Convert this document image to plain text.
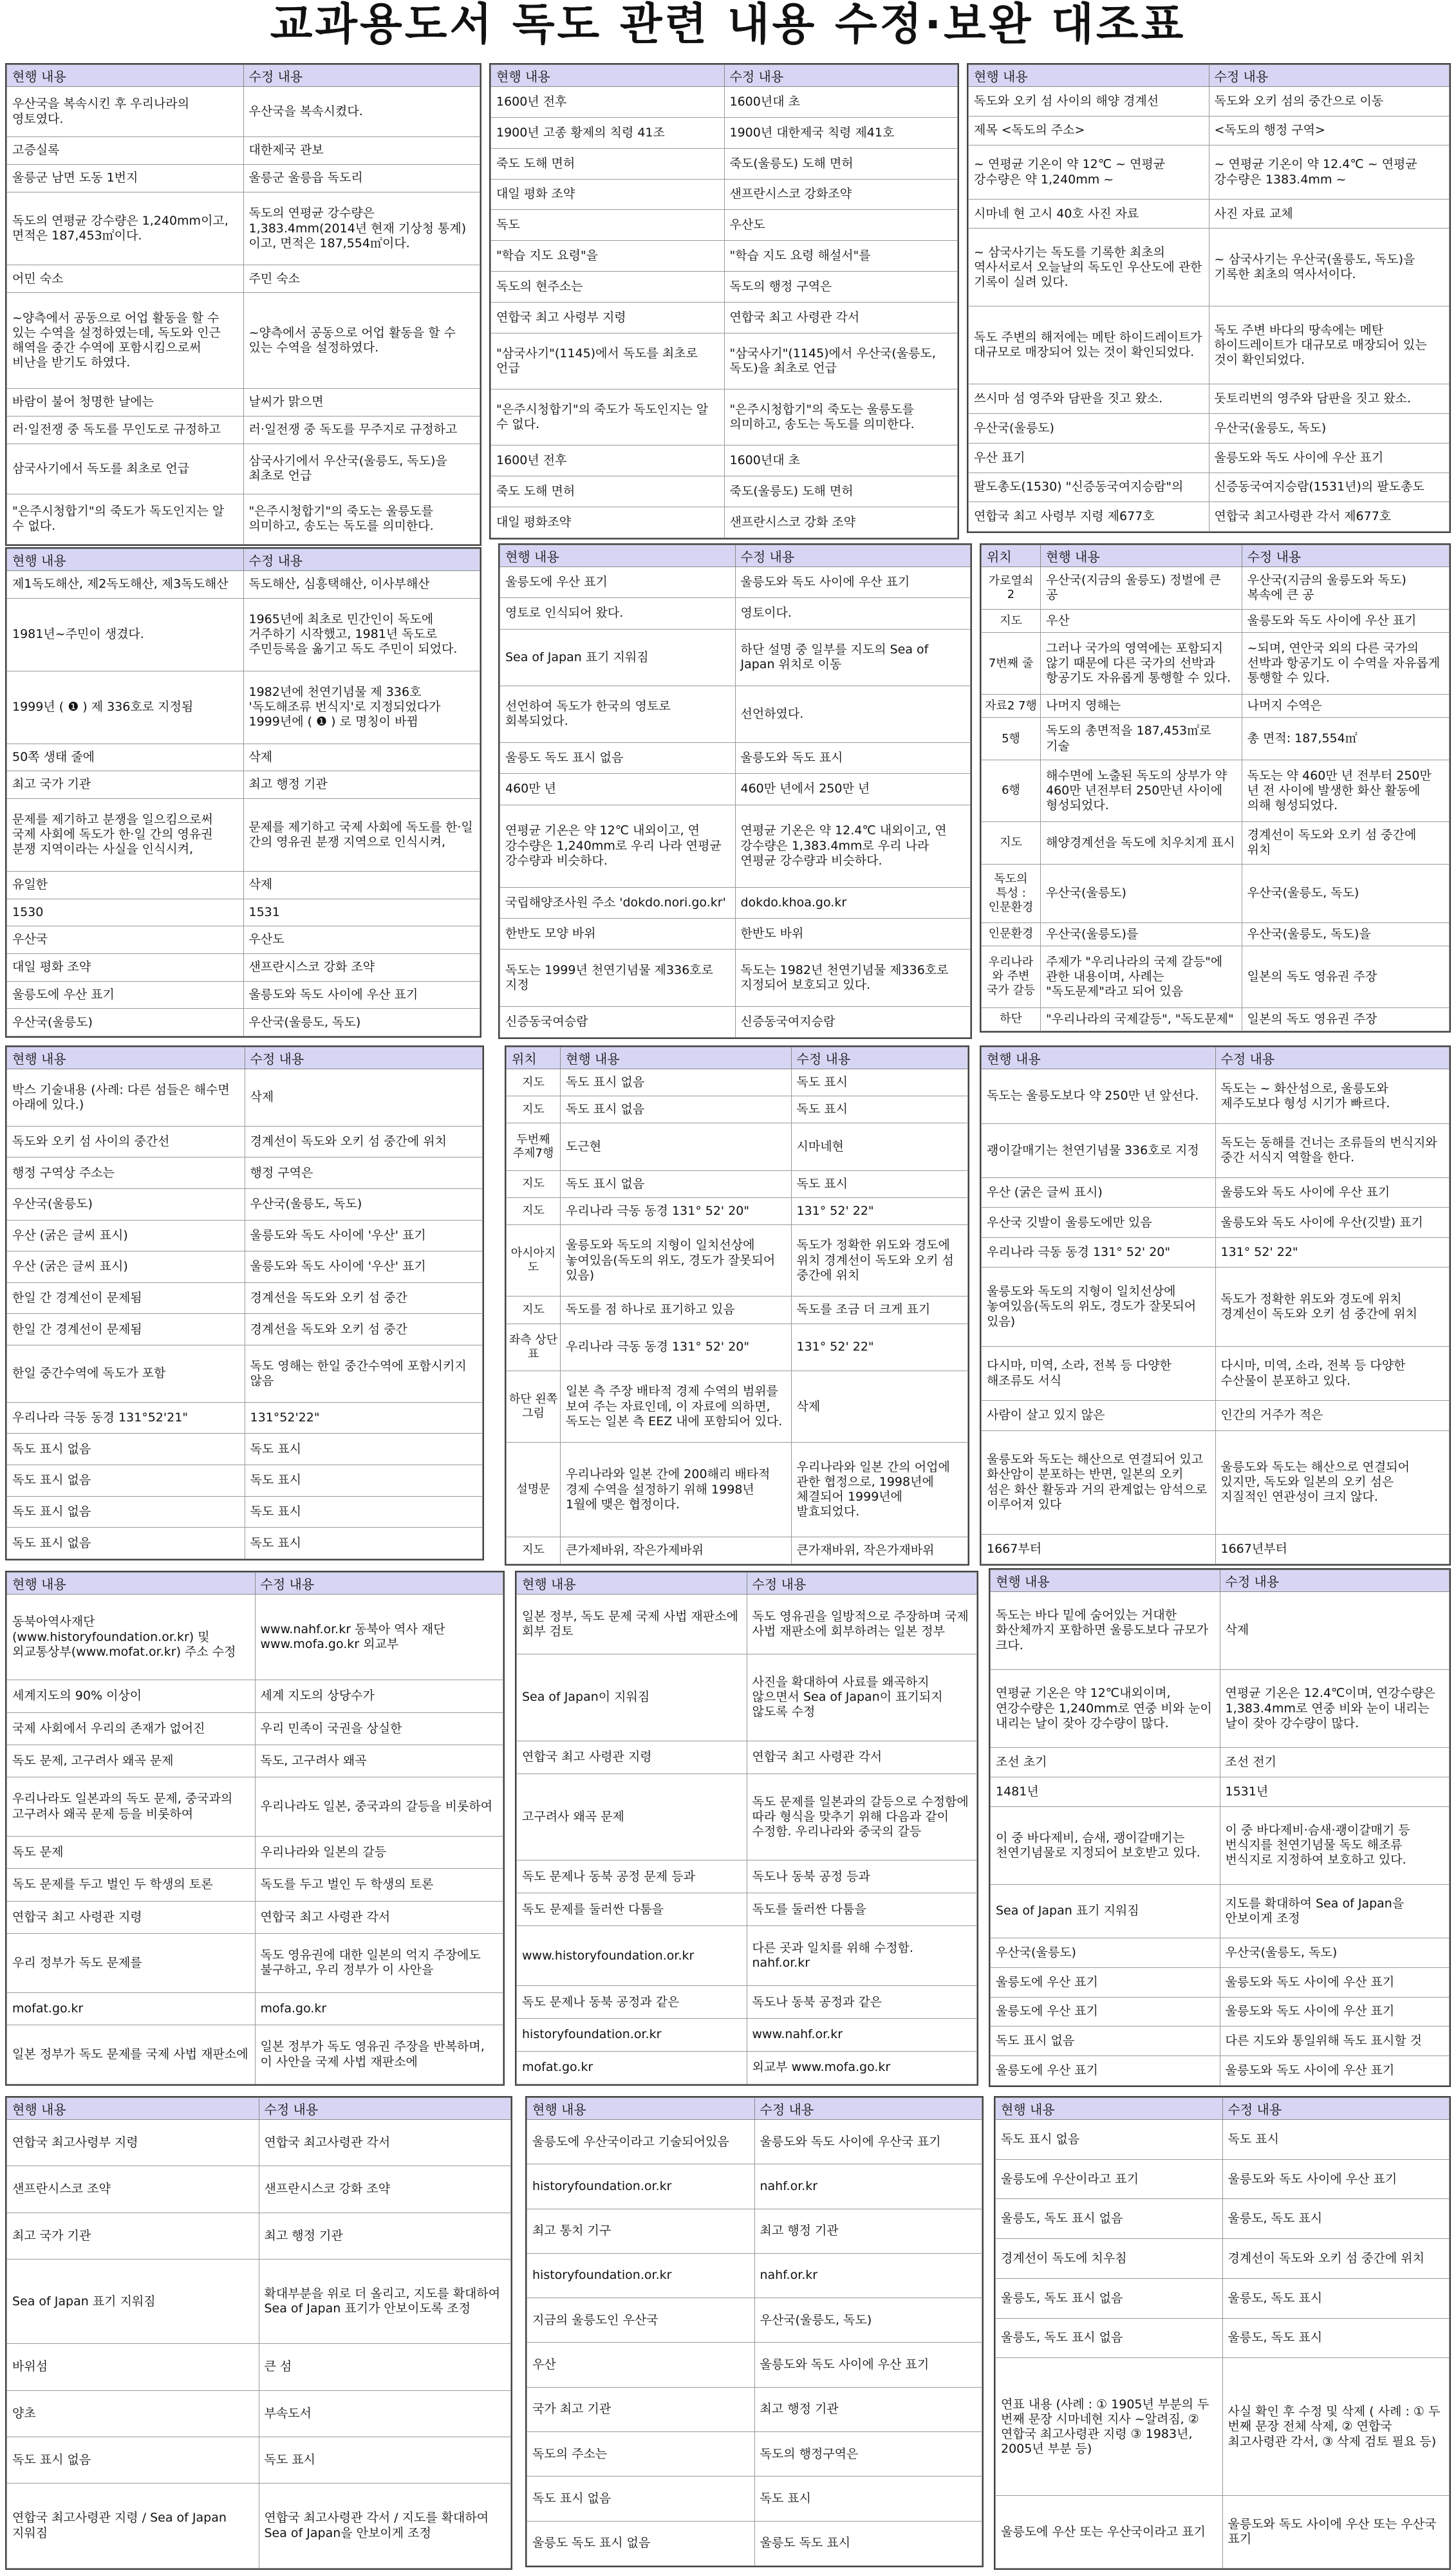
교과용도서 독도 관련 내용 수정·보완 대조표
현행 내용	수정 내용
우산국을 복속시킨 후 우리나라의 영토였다.	우산국을 복속시켰다.
고증실록	대한제국 관보
울릉군 남면 도동 1번지	울릉군 울릉읍 독도리
독도의 연평균 강수량은 1,240mm이고, 면적은 187,453㎡이다.	독도의 연평균 강수량은 1,383.4mm(2014년 현재 기상청 통계)이고, 면적은 187,554㎡이다.
어민 숙소	주민 숙소
~양측에서 공동으로 어업 활동을 할 수 있는 수역을 설정하였는데, 독도와 인근 해역을 중간 수역에 포함시킴으로써 비난을 받기도 하였다.	~양측에서 공동으로 어업 활동을 할 수 있는 수역을 설정하였다.
바람이 불어 청명한 날에는	날씨가 맑으면
러·일전쟁 중 독도를 무인도로 규정하고	러·일전쟁 중 독도를 무주지로 규정하고
삼국사기에서 독도를 최초로 언급	삼국사기에서 우산국(울릉도, 독도)을 최초로 언급
"은주시청합기"의 죽도가 독도인지는 알 수 없다.	"은주시청합기"의 죽도는 울릉도를 의미하고, 송도는 독도를 의미한다.
현행 내용	수정 내용
1600년 전후	1600년대 초
1900년 고종 황제의 칙령 41조	1900년 대한제국 칙령 제41호
죽도 도해 면허	죽도(울릉도) 도해 면허
대일 평화 조약	샌프란시스코 강화조약
독도	우산도
"학습 지도 요령"을	"학습 지도 요령 해설서"를
독도의 현주소는	독도의 행정 구역은
연합국 최고 사령부 지령	연합국 최고 사령관 각서
"삼국사기"(1145)에서 독도를 최초로 언급	"삼국사기"(1145)에서 우산국(울릉도, 독도)을 최초로 언급
"은주시청합기"의 죽도가 독도인지는 알 수 없다.	"은주시청합기"의 죽도는 울릉도를 의미하고, 송도는 독도를 의미한다.
1600년 전후	1600년대 초
죽도 도해 면허	죽도(울릉도) 도해 면허
대일 평화조약	샌프란시스코 강화 조약
현행 내용	수정 내용
독도와 오키 섬 사이의 해양 경계선	독도와 오키 섬의 중간으로 이동
제목 <독도의 주소>	<독도의 행정 구역>
~ 연평균 기온이 약 12℃ ~ 연평균 강수량은 약 1,240mm ~	~ 연평균 기온이 약 12.4℃ ~ 연평균 강수량은 1383.4mm ~
시마네 현 고시 40호 사진 자료	사진 자료 교체
~ 삼국사기는 독도를 기록한 최초의 역사서로서 오늘날의 독도인 우산도에 관한 기록이 실려 있다.	~ 삼국사기는 우산국(울릉도, 독도)을 기록한 최초의 역사서이다.
독도 주변의 해저에는 메탄 하이드레이트가 대규모로 매장되어 있는 것이 확인되었다.	독도 주변 바다의 땅속에는 메탄 하이드레이트가 대규모로 매장되어 있는 것이 확인되었다.
쓰시마 섬 영주와 담판을 짓고 왔소.	돗토리번의 영주와 담판을 짓고 왔소.
우산국(울릉도)	우산국(울릉도, 독도)
우산 표기	울릉도와 독도 사이에 우산 표기
팔도총도(1530) "신증동국여지승람"의	신증동국여지승람(1531년)의 팔도총도
연합국 최고 사령부 지령 제677호	연합국 최고사령관 각서 제677호
현행 내용	수정 내용
제1독도해산, 제2독도해산, 제3독도해산	독도해산, 심흥택해산, 이사부해산
1981년~주민이 생겼다.	1965년에 최초로 민간인이 독도에 거주하기 시작했고, 1981년 독도로 주민등록을 옮기고 독도 주민이 되었다.
1999년 ( ❶ ) 제 336호로 지정됨	1982년에 천연기념물 제 336호 '독도해조류 번식지'로 지정되었다가 1999년에 ( ❶ ) 로 명칭이 바뀜
50쪽 생태 줄에	삭제
최고 국가 기관	최고 행정 기관
문제를 제기하고 분쟁을 일으킴으로써 국제 사회에 독도가 한·일 간의 영유권 분쟁 지역이라는 사실을 인식시켜,	문제를 제기하고 국제 사회에 독도를 한·일 간의 영유권 분쟁 지역으로 인식시켜,
유일한	삭제
1530	1531
우산국	우산도
대일 평화 조약	샌프란시스코 강화 조약
울릉도에 우산 표기	울릉도와 독도 사이에 우산 표기
우산국(울릉도)	우산국(울릉도, 독도)
현행 내용	수정 내용
울릉도에 우산 표기	울릉도와 독도 사이에 우산 표기
영토로 인식되어 왔다.	영토이다.
Sea of Japan 표기 지워짐	하단 설명 중 일부를 지도의 Sea of Japan 위치로 이동
선언하여 독도가 한국의 영토로 회복되었다.	선언하였다.
울릉도 독도 표시 없음	울릉도와 독도 표시
460만 년	460만 년에서 250만 년
연평균 기온은 약 12℃ 내외이고, 연 강수량은 1,240mm로 우리 나라 연평균 강수량과 비슷하다.	연평균 기온은 약 12.4℃ 내외이고, 연 강수량은 1,383.4mm로 우리 나라 연평균 강수량과 비슷하다.
국립해양조사원 주소 'dokdo.nori.go.kr'	dokdo.khoa.go.kr
한반도 모양 바위	한반도 바위
독도는 1999년 천연기념물 제336호로 지정	독도는 1982년 천연기념물 제336호로 지정되어 보호되고 있다.
신증동국여승람	신증동국여지승람
위치	현행 내용	수정 내용
가로열쇠 2	우산국(지금의 울릉도) 정벌에 큰 공	우산국(지금의 울릉도와 독도) 복속에 큰 공
지도	우산	울릉도와 독도 사이에 우산 표기
7번째 줄	그러나 국가의 영역에는 포함되지 않기 때문에 다른 국가의 선박과 항공기도 자유롭게 통행할 수 있다.	~되며, 연안국 외의 다른 국가의 선박과 항공기도 이 수역을 자유롭게 통행할 수 있다.
자료2 7행	나머지 영해는	나머지 수역은
5행	독도의 총면적을 187,453㎡로 기술	총 면적: 187,554㎡
6행	해수면에 노출된 독도의 상부가 약 460만 년전부터 250만년 사이에 형성되었다.	독도는 약 460만 년 전부터 250만 년 전 사이에 발생한 화산 활동에 의해 형성되었다.
지도	해양경계선을 독도에 치우치게 표시	경계선이 독도와 오키 섬 중간에 위치
독도의 특성 : 인문환경	우산국(울릉도)	우산국(울릉도, 독도)
인문환경	우산국(울릉도)를	우산국(울릉도, 독도)을
우리나라와 주변 국가 갈등	주제가 "우리나라의 국제 갈등"에 관한 내용이며, 사례는 "독도문제"라고 되어 있음	일본의 독도 영유권 주장
하단	"우리나라의 국제갈등", "독도문제"	일본의 독도 영유권 주장
현행 내용	수정 내용
박스 기술내용 (사례: 다른 섬들은 해수면 아래에 있다.)	삭제
독도와 오키 섬 사이의 중간선	경계선이 독도와 오키 섬 중간에 위치
행정 구역상 주소는	행정 구역은
우산국(울릉도)	우산국(울릉도, 독도)
우산 (굵은 글씨 표시)	울릉도와 독도 사이에 '우산' 표기
우산 (굵은 글씨 표시)	울릉도와 독도 사이에 '우산' 표기
한일 간 경계선이 문제됨	경계선을 독도와 오키 섬 중간
한일 간 경계선이 문제됨	경계선을 독도와 오키 섬 중간
한일 중간수역에 독도가 포함	독도 영해는 한일 중간수역에 포함시키지 않음
우리나라 극동 동경 131°52'21"	131°52'22"
독도 표시 없음	독도 표시
독도 표시 없음	독도 표시
독도 표시 없음	독도 표시
독도 표시 없음	독도 표시
위치	현행 내용	수정 내용
지도	독도 표시 없음	독도 표시
지도	독도 표시 없음	독도 표시
두번째 주제7행	도근현	시마네현
지도	독도 표시 없음	독도 표시
지도	우리나라 극동 동경 131° 52' 20"	131° 52' 22"
아시아지도	울릉도와 독도의 지형이 일치선상에 놓여있음(독도의 위도, 경도가 잘못되어 있음)	독도가 정확한 위도와 경도에 위치 경계선이 독도와 오키 섬 중간에 위치
지도	독도를 점 하나로 표기하고 있음	독도를 조금 더 크게 표기
좌측 상단 표	우리나라 극동 동경 131° 52' 20"	131° 52' 22"
하단 왼쪽 그림	일본 측 주장 배타적 경제 수역의 범위를 보여 주는 자료인데, 이 자료에 의하면, 독도는 일본 측 EEZ 내에 포함되어 있다.	삭제
설명문	우리나라와 일본 간에 200해리 배타적 경제 수역을 설정하기 위해 1998년 1월에 맺은 협정이다.	우리나라와 일본 간의 어업에 관한 협정으로, 1998년에 체결되어 1999년에 발효되었다.
지도	큰가제바위, 작은가제바위	큰가재바위, 작은가재바위
현행 내용	수정 내용
독도는 울릉도보다 약 250만 년 앞선다.	독도는 ~ 화산섬으로, 울릉도와 제주도보다 형성 시기가 빠르다.
괭이갈매기는 천연기념물 336호로 지정	독도는 동해를 건너는 조류들의 번식지와 중간 서식지 역할을 한다.
우산 (굵은 글씨 표시)	울릉도와 독도 사이에 우산 표기
우산국 깃발이 울릉도에만 있음	울릉도와 독도 사이에 우산(깃발) 표기
우리나라 극동 동경 131° 52' 20"	131° 52' 22"
울릉도와 독도의 지형이 일치선상에 놓여있음(독도의 위도, 경도가 잘못되어 있음)	독도가 정확한 위도와 경도에 위치 경계선이 독도와 오키 섬 중간에 위치
다시마, 미역, 소라, 전복 등 다양한 해조류도 서식	다시마, 미역, 소라, 전복 등 다양한 수산물이 분포하고 있다.
사람이 살고 있지 않은	인간의 거주가 적은
울릉도와 독도는 해산으로 연결되어 있고 화산암이 분포하는 반면, 일본의 오키 섬은 화산 활동과 거의 관계없는 암석으로 이루어져 있다	울릉도와 독도는 해산으로 연결되어 있지만, 독도와 일본의 오키 섬은 지질적인 연관성이 크지 않다.
1667부터	1667년부터
현행 내용	수정 내용
동북아역사재단 (www.historyfoundation.or.kr) 및 외교통상부(www.mofat.or.kr) 주소 수정	www.nahf.or.kr 동북아 역사 재단 www.mofa.go.kr 외교부
세계지도의 90% 이상이	세계 지도의 상당수가
국제 사회에서 우리의 존재가 없어진	우리 민족이 국권을 상실한
독도 문제, 고구려사 왜곡 문제	독도, 고구려사 왜곡
우리나라도 일본과의 독도 문제, 중국과의 고구려사 왜곡 문제 등을 비롯하여	우리나라도 일본, 중국과의 갈등을 비롯하여
독도 문제	우리나라와 일본의 갈등
독도 문제를 두고 벌인 두 학생의 토론	독도를 두고 벌인 두 학생의 토론
연합국 최고 사령관 지령	연합국 최고 사령관 각서
우리 정부가 독도 문제를	독도 영유권에 대한 일본의 억지 주장에도 불구하고, 우리 정부가 이 사안을
mofat.go.kr	mofa.go.kr
일본 정부가 독도 문제를 국제 사법 재판소에	일본 정부가 독도 영유권 주장을 반복하며, 이 사안을 국제 사법 재판소에
현행 내용	수정 내용
일본 정부, 독도 문제 국제 사법 재판소에 회부 검토	독도 영유권을 일방적으로 주장하며 국제 사법 재판소에 회부하려는 일본 정부
Sea of Japan이 지워짐	사진을 확대하여 사료를 왜곡하지 않으면서 Sea of Japan이 표기되지 않도록 수정
연합국 최고 사령관 지령	연합국 최고 사령관 각서
고구려사 왜곡 문제	독도 문제를 일본과의 갈등으로 수정함에 따라 형식을 맞추기 위해 다음과 같이 수정함. 우리나라와 중국의 갈등
독도 문제나 동북 공정 문제 등과	독도나 동북 공정 등과
독도 문제를 둘러싼 다툼을	독도를 둘러싼 다툼을
www.historyfoundation.or.kr	다른 곳과 일치를 위해 수정함. nahf.or.kr
독도 문제나 동북 공정과 같은	독도나 동북 공정과 같은
historyfoundation.or.kr	www.nahf.or.kr
mofat.go.kr	외교부 www.mofa.go.kr
현행 내용	수정 내용
독도는 바다 밑에 숨어있는 거대한 화산체까지 포함하면 울릉도보다 규모가 크다.	삭제
연평균 기온은 약 12℃내외이며, 연강수량은 1,240mm로 연중 비와 눈이 내리는 날이 잦아 강수량이 많다.	연평균 기온은 12.4℃이며, 연강수량은 1,383.4mm로 연중 비와 눈이 내리는 날이 잦아 강수량이 많다.
조선 초기	조선 전기
1481년	1531년
이 중 바다제비, 슴새, 괭이갈매기는 천연기념물로 지정되어 보호받고 있다.	이 중 바다제비·슴새·괭이갈매기 등 번식지를 천연기념물 독도 해조류 번식지로 지정하여 보호하고 있다.
Sea of Japan 표기 지워짐	지도를 확대하여 Sea of Japan을 안보이게 조정
우산국(울릉도)	우산국(울릉도, 독도)
울릉도에 우산 표기	울릉도와 독도 사이에 우산 표기
울릉도에 우산 표기	울릉도와 독도 사이에 우산 표기
독도 표시 없음	다른 지도와 통일위해 독도 표시할 것
울릉도에 우산 표기	울릉도와 독도 사이에 우산 표기
현행 내용	수정 내용
연합국 최고사령부 지령	연합국 최고사령관 각서
샌프란시스코 조약	샌프란시스코 강화 조약
최고 국가 기관	최고 행정 기관
Sea of Japan 표기 지워짐	확대부분을 위로 더 올리고, 지도를 확대하여 Sea of Japan 표기가 안보이도록 조정
바위섬	큰 섬
양초	부속도서
독도 표시 없음	독도 표시
연합국 최고사령관 지령 / Sea of Japan 지워짐	연합국 최고사령관 각서 / 지도를 확대하여 Sea of Japan을 안보이게 조정
현행 내용	수정 내용
울릉도에 우산국이라고 기술되어있음	울릉도와 독도 사이에 우산국 표기
historyfoundation.or.kr	nahf.or.kr
최고 통치 기구	최고 행정 기관
historyfoundation.or.kr	nahf.or.kr
지금의 울릉도인 우산국	우산국(울릉도, 독도)
우산	울릉도와 독도 사이에 우산 표기
국가 최고 기관	최고 행정 기관
독도의 주소는	독도의 행정구역은
독도 표시 없음	독도 표시
울릉도 독도 표시 없음	울릉도 독도 표시
현행 내용	수정 내용
독도 표시 없음	독도 표시
울릉도에 우산이라고 표기	울릉도와 독도 사이에 우산 표기
울릉도, 독도 표시 없음	울릉도, 독도 표시
경계선이 독도에 치우침	경계선이 독도와 오키 섬 중간에 위치
울릉도, 독도 표시 없음	울릉도, 독도 표시
울릉도, 독도 표시 없음	울릉도, 독도 표시
연표 내용 (사례 : ① 1905년 부분의 두 번째 문장 시마네현 지사 ~알려짐, ② 연합국 최고사령관 지령 ③ 1983년, 2005년 부분 등)	사실 확인 후 수정 및 삭제 ( 사례 : ① 두 번째 문장 전체 삭제, ② 연합국 최고사령관 각서, ③ 삭제 검토 필요 등)
울릉도에 우산 또는 우산국이라고 표기	울릉도와 독도 사이에 우산 또는 우산국 표기
